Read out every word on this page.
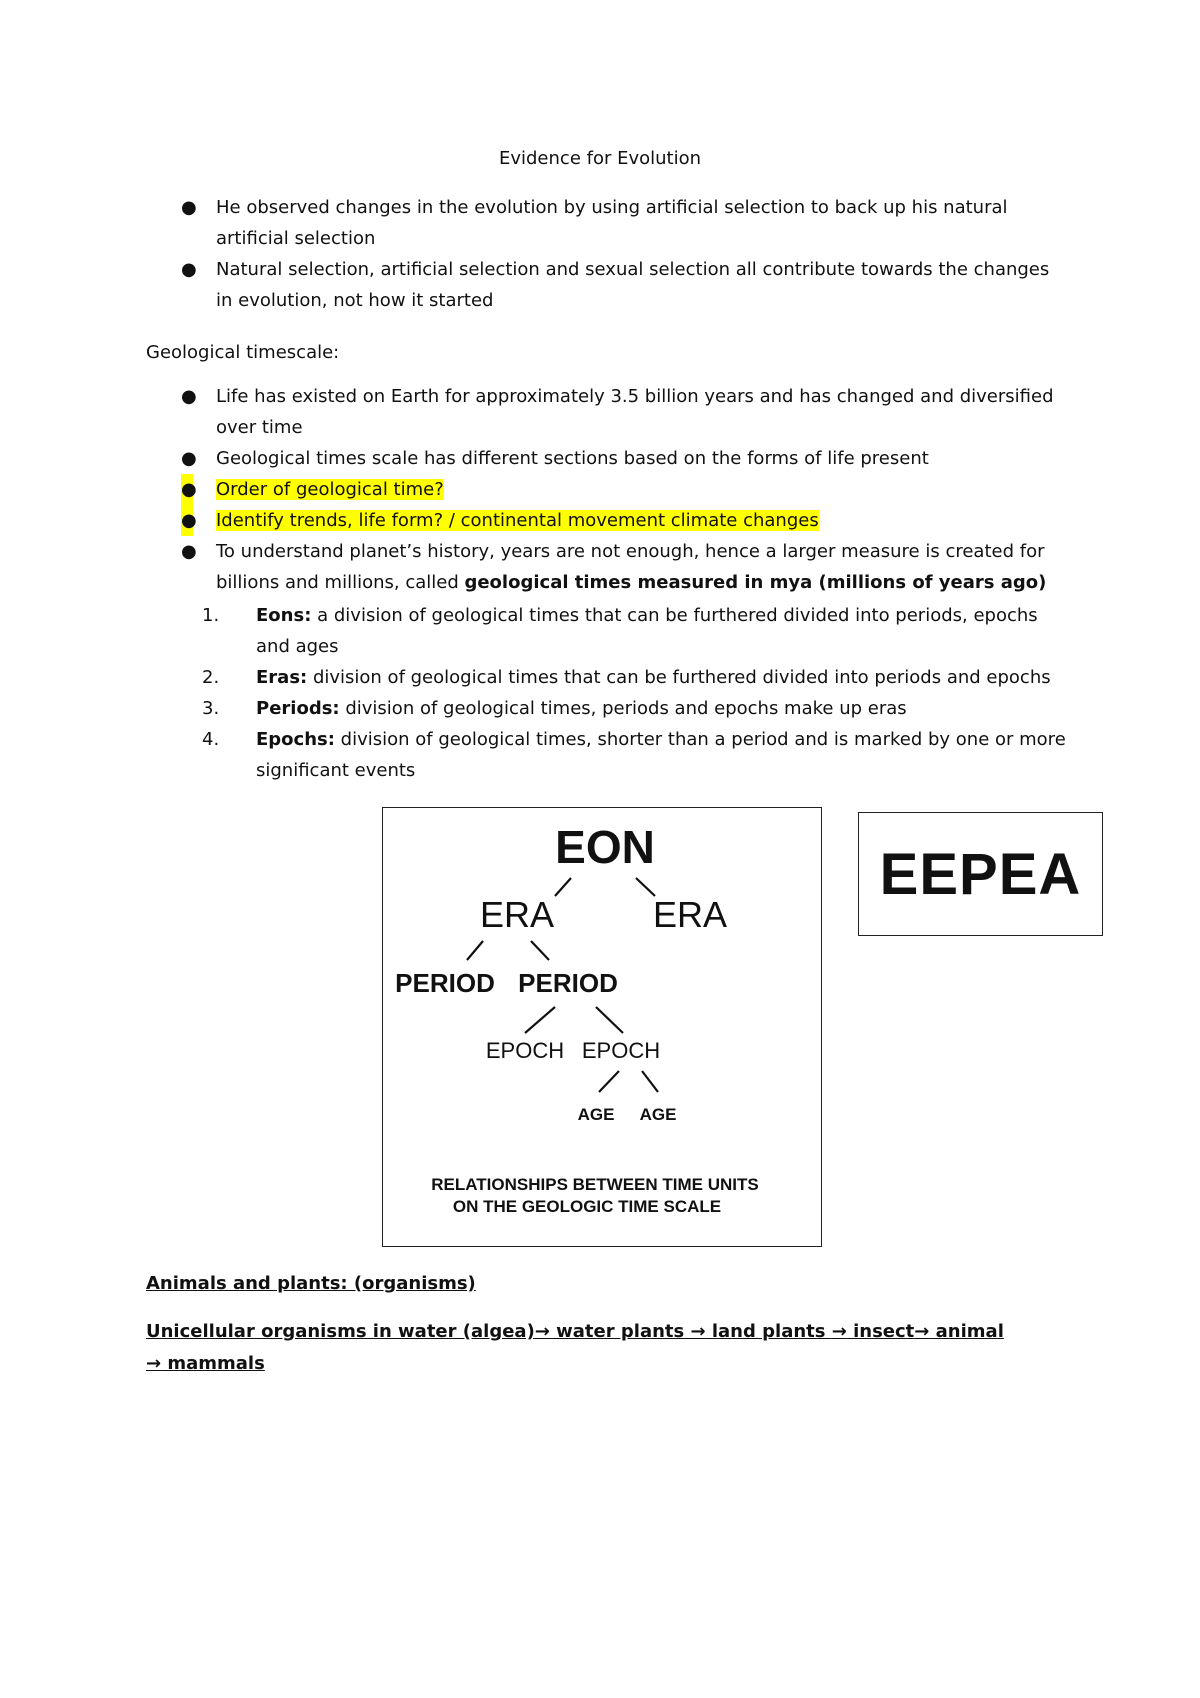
Evidence for Evolution
● He observed changes in the evolution by using artificial selection to back up his natural artificial selection
● Natural selection, artificial selection and sexual selection all contribute towards the changes in evolution, not how it started
Geological timescale:
● Life has existed on Earth for approximately 3.5 billion years and has changed and diversified over time
● Geological times scale has different sections based on the forms of life present
● Order of geological time?
● Identify trends, life form? / continental movement climate changes
● To understand planet’s history, years are not enough, hence a larger measure is created for billions and millions, called geological times measured in mya (millions of years ago)
1. Eons: a division of geological times that can be furthered divided into periods, epochs and ages
2. Eras: division of geological times that can be furthered divided into periods and epochs
3. Periods: division of geological times, periods and epochs make up eras
4. Epochs: division of geological times, shorter than a period and is marked by one or more significant events
EON
ERA	ERA
PERIOD PERIOD
EPOCH EPOCH
AGE AGE
RELATIONSHIPS BETWEEN TIME UNITS
ON THE GEOLOGIC TIME SCALE
EEPEA
Animals and plants: (organisms)
Unicellular organisms in water (algea)→ water plants → land plants → insect→ animal → mammals
